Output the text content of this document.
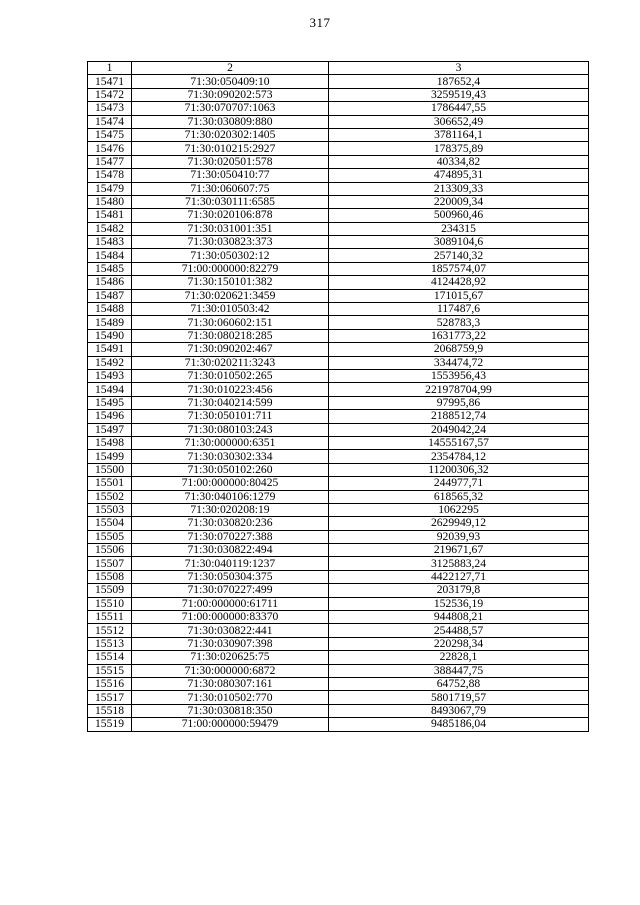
317
1	2	3
15471	71:30:050409:10	187652,4
15472	71:30:090202:573	3259519,43
15473	71:30:070707:1063	1786447,55
15474	71:30:030809:880	306652,49
15475	71:30:020302:1405	3781164,1
15476	71:30:010215:2927	178375,89
15477	71:30:020501:578	40334,82
15478	71:30:050410:77	474895,31
15479	71:30:060607:75	213309,33
15480	71:30:030111:6585	220009,34
15481	71:30:020106:878	500960,46
15482	71:30:031001:351	234315
15483	71:30:030823:373	3089104,6
15484	71:30:050302:12	257140,32
15485	71:00:000000:82279	1857574,07
15486	71:30:150101:382	4124428,92
15487	71:30:020621:3459	171015,67
15488	71:30:010503:42	117487,6
15489	71:30:060602:151	528783,3
15490	71:30:080218:285	1631773,22
15491	71:30:090202:467	2068759,9
15492	71:30:020211:3243	334474,72
15493	71:30:010502:265	1553956,43
15494	71:30:010223:456	221978704,99
15495	71:30:040214:599	97995,86
15496	71:30:050101:711	2188512,74
15497	71:30:080103:243	2049042,24
15498	71:30:000000:6351	14555167,57
15499	71:30:030302:334	2354784,12
15500	71:30:050102:260	11200306,32
15501	71:00:000000:80425	244977,71
15502	71:30:040106:1279	618565,32
15503	71:30:020208:19	1062295
15504	71:30:030820:236	2629949,12
15505	71:30:070227:388	92039,93
15506	71:30:030822:494	219671,67
15507	71:30:040119:1237	3125883,24
15508	71:30:050304:375	4422127,71
15509	71:30:070227:499	203179,8
15510	71:00:000000:61711	152536,19
15511	71:00:000000:83370	944808,21
15512	71:30:030822:441	254488,57
15513	71:30:030907:398	220298,34
15514	71:30:020625:75	22828,1
15515	71:30:000000:6872	388447,75
15516	71:30:080307:161	64752,88
15517	71:30:010502:770	5801719,57
15518	71:30:030818:350	8493067,79
15519	71:00:000000:59479	9485186,04
